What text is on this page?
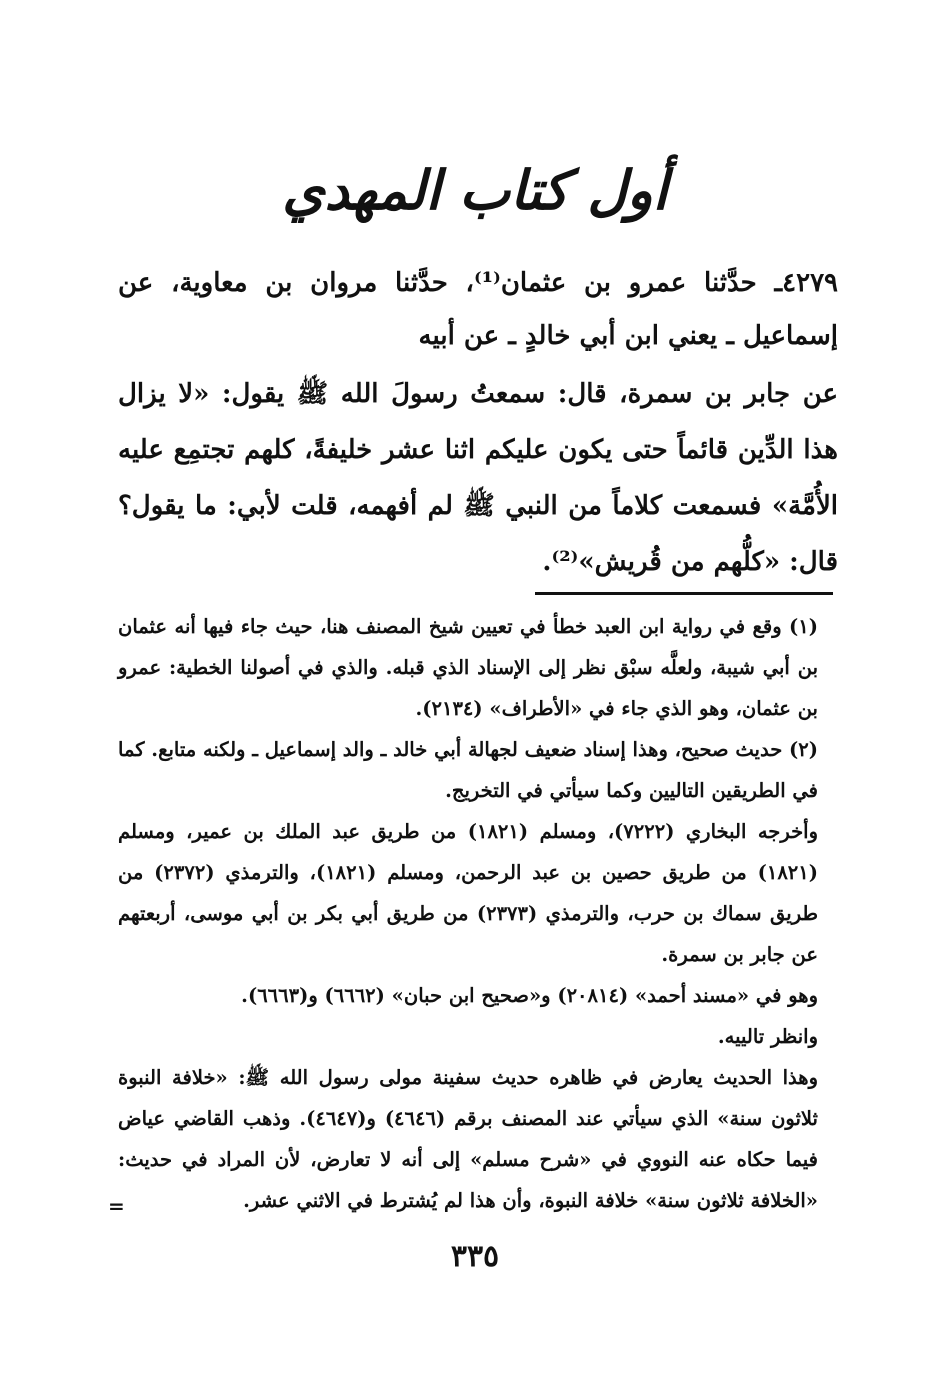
أول كتاب المهدي
٤٢٧٩ـ حدَّثنا عمرو بن عثمان⁽¹⁾، حدَّثنا مروان بن معاوية، عن إسماعيل ـ يعني ابن أبي خالدٍ ـ عن أبيه
عن جابر بن سمرة، قال: سمعتُ رسولَ الله ﷺ يقول: «لا يزال هذا الدِّين قائماً حتى يكون عليكم اثنا عشر خليفةً، كلهم تجتمِع عليه الأُمَّة» فسمعت كلاماً من النبي ﷺ لم أفهمه، قلت لأبي: ما يقول؟ قال: «كلُّهم من قُريش»⁽²⁾.

(١) وقع في رواية ابن العبد خطأ في تعيين شيخ المصنف هنا، حيث جاء فيها أنه عثمان بن أبي شيبة، ولعلَّه سبْق نظر إلى الإسناد الذي قبله. والذي في أصولنا الخطية: عمرو بن عثمان، وهو الذي جاء في «الأطراف» (٢١٣٤).

(٢) حديث صحيح، وهذا إسناد ضعيف لجهالة أبي خالد ـ والد إسماعيل ـ ولكنه متابع. كما في الطريقين التاليين وكما سيأتي في التخريج.

وأخرجه البخاري (٧٢٢٢)، ومسلم (١٨٢١) من طريق عبد الملك بن عمير، ومسلم (١٨٢١) من طريق حصين بن عبد الرحمن، ومسلم (١٨٢١)، والترمذي (٢٣٧٢) من طريق سماك بن حرب، والترمذي (٢٣٧٣) من طريق أبي بكر بن أبي موسى، أربعتهم عن جابر بن سمرة.

وهو في «مسند أحمد» (٢٠٨١٤) و«صحيح ابن حبان» (٦٦٦٢) و(٦٦٦٣).

وانظر تالييه.

وهذا الحديث يعارض في ظاهره حديث سفينة مولى رسول الله ﷺ: «خلافة النبوة ثلاثون سنة» الذي سيأتي عند المصنف برقم (٤٦٤٦) و(٤٦٤٧). وذهب القاضي عياض فيما حكاه عنه النووي في «شرح مسلم» إلى أنه لا تعارض، لأن المراد في حديث: «الخلافة ثلاثون سنة» خلافة النبوة، وأن هذا لم يُشترط في الاثني عشر.

=
٣٣٥
